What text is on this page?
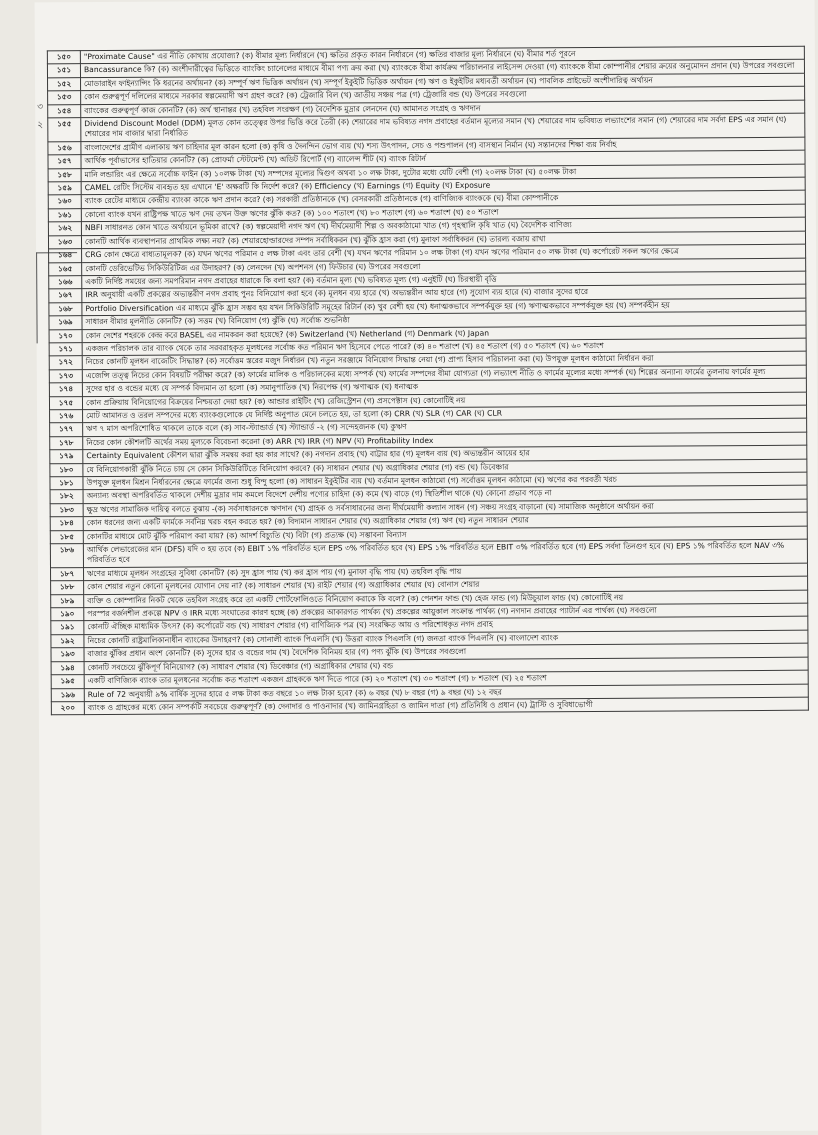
৩
২
১৫০	"Proximate Cause" এর নীতি কোথায় প্রযোজ্য? (ক) বীমার মূল্য নির্ধারনে (খ) ক্ষতির প্রকৃত কারন নির্ধারনে (গ) ক্ষতির বাজার মূল্য নির্ধারনে (ঘ) বীমার শর্ত পূরনে
১৫১	Bancassurance কি? (ক) অংশীদারীত্বের ভিত্তিতে ব্যাংকিং চ্যানেলের মাধ্যমে বীমা পণ্য ক্রয় করা (খ) ব্যাংককে বীমা কার্যক্রম পরিচালনার লাইসেন্স দেওয়া (গ) ব্যাংককে বীমা কোম্পানীর শেয়ার ক্রয়ের অনুমোদন প্রদান (ঘ) উপরের সবগুলো
১৫২	মোডারাইন ফাইন্যান্সিং কি ধরনের অর্থায়ন? (ক) সম্পূর্ণ ঋণ ভিত্তিক অর্থায়ন (খ) সম্পূর্ণ ইকুইটি ভিত্তিক অর্থায়ন (গ) ঋণ ও ইকুইটির মধ্যবর্তী অর্থায়ন (ঘ) পাবলিক প্রাইভেট অংশীদারিত্ব অর্থায়ন
১৫৩	কোন গুরুত্বপূর্ণ দলিলের মাধ্যমে সরকার স্বল্পমেয়াদী ঋণ গ্রহণ করে? (ক) ট্রেজারি বিল (খ) জাতীয় সঞ্চয় পত্র (গ) ট্রেজারি বন্ড (ঘ) উপরের সবগুলো
১৫৪	ব্যাংকের গুরুত্বপূর্ণ কাজ কোনটি? (ক) অর্থ স্থানান্তর (খ) তহবিল সংরক্ষণ (গ) বৈদেশিক মুদ্রার লেনদেন (ঘ) আমানত সংগ্রহ ও ঋণদান
১৫৫	Dividend Discount Model (DDM) মূলত কোন তত্ত্বের উপর ভিত্তি করে তৈরী (ক) শেয়ারের দাম ভবিষ্যত নগদ প্রবাহের বর্তমান মূল্যের সমান (খ) শেয়ারের দাম ভবিষ্যত লভ্যাংশের সমান (গ) শেয়ারের দাম সর্বদা EPS এর সমান (ঘ) শেয়ারের দাম বাজার দ্বারা নির্ধারিত
১৫৬	বাংলাদেশের গ্রামীণ এলাকায় ঋণ চাহিদার মূল কারন হলো (ক) কৃষি ও দৈনন্দিন ভোগ ব্যয় (খ) শস্য উৎপাদন, সেচ ও পশুপালন (গ) বাসস্থান নির্মান (ঘ) সন্তানদের শিক্ষা ব্যয় নির্বাহ
১৫৭	আর্থিক পূর্বাভাসের হাতিয়ার কোনটি? (ক) প্রোফর্মা স্টেটমেন্ট (খ) অডিট রিপোর্ট (গ) ব্যালেন্স শীট (ঘ) ব্যাংক রিটার্ন
১৫৮	মানি লন্ডারিং এর ক্ষেত্রে সর্বোচ্চ ফাইন (ক) ১০লক্ষ টাকা (খ) সম্পদের মূল্যের দ্বিগুণ অথবা ১০ লক্ষ টাকা, দুটোর মধ্যে যেটি বেশী (গ) ২০লক্ষ টাকা (ঘ) ৫০লক্ষ টাকা
১৫৯	CAMEL রেটিং সিস্টেম ব্যবহৃত হয় এখানে 'E' অক্ষরটি কি নির্দেশ করে? (ক) Efficiency (খ) Earnings (গ) Equity (ঘ) Exposure
১৬০	ব্যাংক রেটের মাধ্যমে কেন্দ্রীয় ব্যাংকা কাকে ঋণ প্রদান করে? (ক) সরকারী প্রতিষ্ঠানকে (খ) বেসরকারী প্রতিষ্ঠানকে (গ) বাণিজ্যিক ব্যাংককে (ঘ) বীমা কোম্পানীকে
১৬১	কোনো ব্যাংক যখন রাষ্ট্রিপক্ষ খাতে ঋণ দেয় তখন উক্ত ঋণের ঝুঁকি কত? (ক) ১০০ শতাংশ (খ) ৮০ শতাংশ (গ) ৬০ শতাংশ (ঘ) ৫০ শতাংশ
১৬২	NBFI সাধারনত কোন খাতে অর্থায়নে ভূমিকা রাখে? (ক) স্বল্পমেয়াদী নগদ ঋণ (খ) দীর্ঘমেয়াদী শিল্প ও অবকাঠামো খাত (গ) গৃহস্থালি কৃষি খাত (ঘ) বৈদেশিক বাণিজ্য
১৬৩	কোনটি আর্থিক ব্যবস্থাপনার প্রাথমিক লক্ষ্য নয়? (ক) শেয়ারহোল্ডারদের সম্পদ সর্বাধিকরন (খ) ঝুঁকি হ্রাস করা (গ) মুনাফা সর্বাধিকরন (ঘ) তারল্য বজায় রাখা
১৬৪	CRG কোন ক্ষেত্রে বাধ্যতামূলক? (ক) যখন ঋণের পরিমান ৫ লক্ষ টাকা এবং তার বেশী (খ) যখন ঋণের পরিমান ১০ লক্ষ টাকা (গ) যখন ঋণের পরিমান ৫০ লক্ষ টাকা (ঘ) কর্পোরেট সকল ঋণের ক্ষেত্রে
১৬৫	কোনটি ডেরিভেটিভ সিকিউরিটিজ এর উদাহরণ? (ক) লেনদেন (খ) অপশনস (গ) ফিউচার (ঘ) উপরের সবগুলো
১৬৬	একটি নির্দিষ্ট সময়ের জন্য সমপরিমান নগদ প্রবাহের ধারাকে কি বলা হয়? (ক) বর্তমান মূল্য (খ) ভবিষ্যত মূল্য (গ) এনুইটি (ঘ) চিরস্থায়ী বৃত্তি
১৬৭	IRR অনুযায়ী একটি প্রকল্পের অভ্যন্তরীণ নগদ প্রবাহ পুনঃ বিনিয়োগ করা হবে (ক) মূলধন ব্যয় হারে (খ) অভ্যন্তরীন আয় হারে (গ) সুযোগ ব্যয় হারে (ঘ) বাজার সুদের হারে
১৬৮	Portfolio Diversification এর মাধ্যমে ঝুঁকি হ্রাস সম্ভব হয় যখন সিকিউরিটি সমূহের রিটার্ন (ক) খুব বেশী হয় (খ) ধনাত্মকভাবে সম্পর্কযুক্ত হয় (গ) ঋণাত্মকভাবে সম্পর্কযুক্ত হয় (ঘ) সম্পর্কহীন হয়
১৬৯	সাধারন বীমার মূলনীতি কোনটি? (ক) সত্তম (খ) বিনিয়োগ (গ) ঝুঁকি (ঘ) সর্বোচ্চ শুভনিষ্ঠা
১৭০	কোন দেশের শহরকে কেন্দ্র করে BASEL এর নামকরন করা হয়েছে? (ক) Switzerland (খ) Netherland (গ) Denmark (ঘ) Japan
১৭১	একজন পরিচালক তার ব্যাংক থেকে তার সরবরাহকৃত মূলধনের সর্বোচ্চ কত পরিমান ঋণ হিসেবে পেতে পারে? (ক) ৪০ শতাংশ (খ) ৪৫ শতাংশ (গ) ৫০ শতাংশ (ঘ) ৬০ শতাংশ
১৭২	নিচের কোনটি মূলধন বাজেটিং সিদ্ধান্ত? (ক) সর্বোত্তম স্তরের মজুদ নির্ধারন (খ) নতুন সরঞ্জামে বিনিয়োগ সিদ্ধান্ত নেয়া (গ) প্রাপ্য হিসাব পরিচালনা করা (ঘ) উপযুক্ত মূলধন কাঠামো নির্ধারন করা
১৭৩	এজেন্সি তত্ত্ব নিচের কোন বিষয়টি পরীক্ষা করে? (ক) ফার্মের মালিক ও পরিচালকের মধ্যে সম্পর্ক (খ) ফার্মের সম্পদের বীমা যোগ্যতা (গ) লভ্যাংশ নীতি ও ফার্মের মূল্যের মধ্যে সম্পর্ক (ঘ) শিল্পের অন্যান্য ফার্মের তুলনায় ফার্মের মূল্য
১৭৪	সুদের হার ও বন্ডের মধ্যে যে সম্পর্ক বিদ্যমান তা হলো (ক) সমানুপাতিক (খ) নিরপেক্ষ (গ) ঋণাত্মক (ঘ) ধনাত্মক
১৭৫	কোন প্রক্রিয়ায় বিনিয়োগের বিক্রয়ের নিশ্চয়তা দেয়া হয়? (ক) আন্ডার রাইটিং (খ) রেজিস্ট্রেশন (গ) প্রসপেক্টাস (ঘ) কোনোটিই নয়
১৭৬	মোট আমানত ও তরল সম্পদের মধ্যে ব্যাংকগুলোকে যে নির্দিষ্ট অনুপাত মেনে চলতে হয়, তা হলো (ক) CRR (খ) SLR (গ) CAR (ঘ) CLR
১৭৭	ঋণ ৭ মাস অপরিশোধিত থাকলে তাকে বলে (ক) সাব-স্ট্যান্ডার্ড (খ) স্ট্যান্ডার্ড -২ (গ) সন্দেহজনক (ঘ) কুঋণ
১৭৮	নিচের কোন কৌশলটি অর্থের সময় মূল্যকে বিবেচনা করেনা (ক) ARR (খ) IRR (গ) NPV (ঘ) Profitability Index
১৭৯	Certainty Equivalent কৌশল দ্বারা ঝুঁকি সমন্বয় করা হয় কার সাথে? (ক) নগদান প্রবাহ (খ) বাট্টার হার (গ) মূলধন ব্যয় (ঘ) অভ্যন্তরীন আয়ের হার
১৮০	যে বিনিয়োগকারী ঝুঁকি নিতে চায় সে কোন সিকিউরিটিতে বিনিয়োগ করবে? (ক) সাধারন শেয়ার (খ) অগ্রাধিকার শেয়ার (গ) বন্ড (ঘ) ডিবেঞ্চার
১৮১	উপযুক্ত মূলধন মিশ্রন নির্ধারনের ক্ষেত্রে ফার্মের জন্য শুধু বিন্দু হলো (ক) সাধারন ইকুইটির ব্যয় (খ) বর্তমান মূলধন কাঠামো (গ) সর্বোত্তম মূলধন কাঠামো (ঘ) ঋণের কর পরবর্তী খরচ
১৮২	অন্যান্য অবস্থা অপরিবর্তিত থাকলে দেশীয় মুদ্রার দাম কমলে বিদেশে দেশীয় পণ্যের চাহিদা (ক) কমে (খ) বাড়ে (গ) স্থিতিশীল থাকে (ঘ) কোনো প্রভাব পড়ে না
১৮৩	ক্ষুদ্র ঋণের সামাজিক দায়িত্ব বলতে বুঝায় -(ক) সর্বসাধারনকে ঋণদান (খ) গ্রাহক ও সর্বসাধারনের জন্য দীর্ঘমেয়াদী কল্যান সাধন (গ) সঞ্চয় সংগ্রহ বাড়ানো (ঘ) সামাজিক অনুষ্ঠানে অর্থায়ন করা
১৮৪	কোন ধরনের জন্য একটি ফার্মকে সর্বনিম্ন খরচ বহন করতে হয়? (ক) বিদ্যমান সাধারন শেয়ার (খ) অগ্রাধিকার শেয়ার (গ) ঋণ (ঘ) নতুন সাধারন শেয়ার
১৮৫	কোনটির মাধ্যমে মোট ঝুঁকি পরিমাপ করা যায়? (ক) আদর্শ বিচ্যুতি (খ) বিটা (গ) প্রত্যক্ষ (ঘ) সম্ভাবনা বিন্যাস
১৮৬	আর্থিক লেভারেজের মান (DFS) যদি ৩ হয় তবে (ক) EBIT ১% পরিবর্তিত হলে EPS ৩% পরিবর্তিত হবে (খ) EPS ১% পরিবর্তিত হলে EBIT ৩% পরিবর্তিত হবে (গ) EPS সর্বদা তিনগুণ হবে (ঘ) EPS ১% পরিবর্তিত হলে NAV ৩% পরিবর্তিত হবে
১৮৭	ঋণের মাধ্যমে মূলধন সংগ্রহের সুবিধা কোনটি? (ক) সুদ হ্রাস পায় (খ) কর হ্রাস পায় (গ) মুনাফা বৃদ্ধি পায় (ঘ) তহবিল বৃদ্ধি পায়
১৮৮	কোন শেয়ার নতুন কোনো মূলধনের যোগান দেয় না? (ক) সাধারন শেয়ার (খ) রাইট শেয়ার (গ) অগ্রাধিকার শেয়ার (ঘ) বোনাস শেয়ার
১৮৯	ব্যক্তি ও কোম্পানির নিকট থেকে তহবিল সংগ্রহ করে তা একটি পোর্টফোলিওতে বিনিয়োগ করাকে কি বলে? (ক) পেনশন ফান্ড (খ) হেজ ফান্ড (গ) মিউচুয়াল ফান্ড (ঘ) কোনোটিই নয়
১৯০	পরস্পর বর্জনশীল প্রকল্পে NPV ও IRR মধ্যে সংঘাতের কারণ হচ্ছে (ক) প্রকল্পের আকারগত পার্থক্য (খ) প্রকল্পের আয়ুকাল সংক্রান্ত পার্থক্য (গ) নগদান প্রবাহের প্যাটার্ন এর পার্থক্য (ঘ) সবগুলো
১৯১	কোনটি ঐচ্ছিক মাধ্যমিক উৎস? (ক) কর্পোরেট বন্ড (খ) সাধারণ শেয়ার (গ) বাণিজ্যিক পত্র (ঘ) সংরক্ষিত আয় ও পরিশোধকৃত নগদ প্রবাহ
১৯২	নিচের কোনটি রাষ্ট্রমালিকানাধীন ব্যাংকের উদাহরণ? (ক) সোনালী ব্যাংক পিএলসি (খ) উত্তরা ব্যাংক পিএলসি (গ) জনতা ব্যাংক পিএলসি (ঘ) বাংলাদেশ ব্যাংক
১৯৩	বাজার ঝুঁকির প্রধান অংশ কোনটি? (ক) সুদের হার ও বন্ডের দাম (খ) বৈদেশিক বিনিময় হার (গ) পণ্য ঝুঁকি (ঘ) উপরের সবগুলো
১৯৪	কোনটি সবচেয়ে ঝুঁকিপূর্ণ বিনিয়োগ? (ক) সাধারণ শেয়ার (খ) ডিবেঞ্চার (গ) অগ্রাধিকার শেয়ার (ঘ) বন্ড
১৯৫	একটি বাণিজ্যিক ব্যাংক তার মূলধনের সর্বোচ্চ কত শতাংশ একজন গ্রাহককে ঋণ দিতে পারে (ক) ২০ শতাংশ (খ) ৩০ শতাংশ (গ) ৮ শতাংশ (ঘ) ২৫ শতাংশ
১৯৬	Rule of 72 অনুযায়ী ৯% বার্ষিক সুদের হারে ৫ লক্ষ টাকা কত বছরে ১০ লক্ষ টাকা হবে? (ক) ৬ বছর (খ) ৮ বছর (গ) ৯ বছর (ঘ) ১২ বছর
২০০	ব্যাংক ও গ্রাহকের মধ্যে কোন সম্পর্কটি সবচেয়ে গুরুত্বপূর্ণ? (ক) দেনাদার ও পাওনাদার (খ) জামিনগ্রহিতা ও জামিন দাতা (গ) প্রতিনিধি ও প্রধান (ঘ) ট্রাস্টি ও সুবিধাভোগী
